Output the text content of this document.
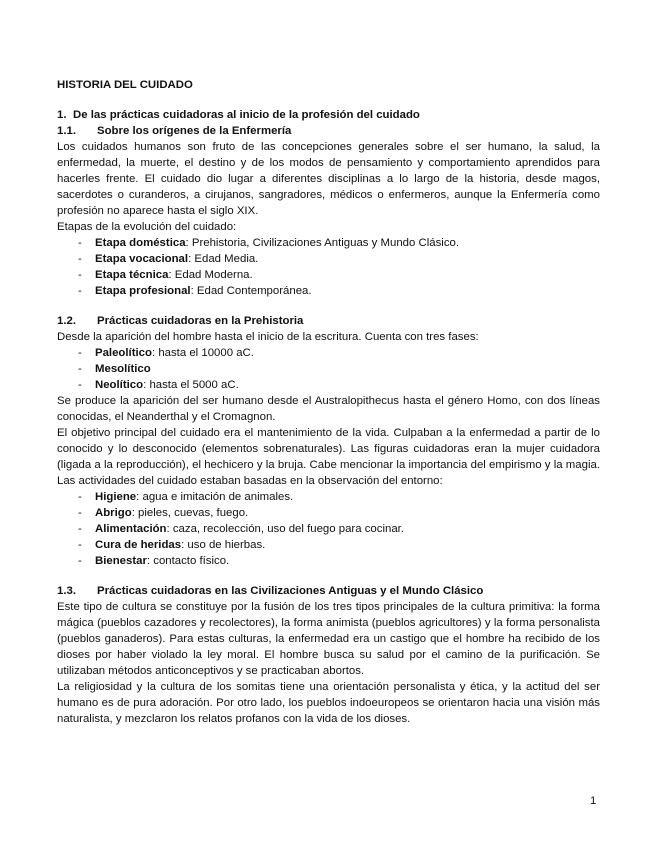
HISTORIA DEL CUIDADO
1. De las prácticas cuidadoras al inicio de la profesión del cuidado
1.1.	Sobre los orígenes de la Enfermería

Los cuidados humanos son fruto de las concepciones generales sobre el ser humano, la salud, la enfermedad, la muerte, el destino y de los modos de pensamiento y comportamiento aprendidos para hacerles frente. El cuidado dio lugar a diferentes disciplinas a lo largo de la historia, desde magos, sacerdotes o curanderos, a cirujanos, sangradores, médicos o enfermeros, aunque la Enfermería como profesión no aparece hasta el siglo XIX.

Etapas de la evolución del cuidado:

- Etapa doméstica: Prehistoria, Civilizaciones Antiguas y Mundo Clásico.
- Etapa vocacional: Edad Media.
- Etapa técnica: Edad Moderna.
- Etapa profesional: Edad Contemporánea.
1.2.	Prácticas cuidadoras en la Prehistoria

Desde la aparición del hombre hasta el inicio de la escritura. Cuenta con tres fases:

- Paleolítico: hasta el 10000 aC.
- Mesolítico
- Neolítico: hasta el 5000 aC.

Se produce la aparición del ser humano desde el Australopithecus hasta el género Homo, con dos líneas conocidas, el Neanderthal y el Cromagnon.

El objetivo principal del cuidado era el mantenimiento de la vida. Culpaban a la enfermedad a partir de lo conocido y lo desconocido (elementos sobrenaturales). Las figuras cuidadoras eran la mujer cuidadora (ligada a la reproducción), el hechicero y la bruja. Cabe mencionar la importancia del empirismo y la magia. Las actividades del cuidado estaban basadas en la observación del entorno:

- Higiene: agua e imitación de animales.
- Abrigo: pieles, cuevas, fuego.
- Alimentación: caza, recolección, uso del fuego para cocinar.
- Cura de heridas: uso de hierbas.
- Bienestar: contacto físico.
1.3.	Prácticas cuidadoras en las Civilizaciones Antiguas y el Mundo Clásico

Este tipo de cultura se constituye por la fusión de los tres tipos principales de la cultura primitiva: la forma mágica (pueblos cazadores y recolectores), la forma animista (pueblos agricultores) y la forma personalista (pueblos ganaderos). Para estas culturas, la enfermedad era un castigo que el hombre ha recibido de los dioses por haber violado la ley moral. El hombre busca su salud por el camino de la purificación. Se utilizaban métodos anticonceptivos y se practicaban abortos.

La religiosidad y la cultura de los somitas tiene una orientación personalista y ética, y la actitud del ser humano es de pura adoración. Por otro lado, los pueblos indoeuropeos se orientaron hacia una visión más naturalista, y mezclaron los relatos profanos con la vida de los dioses.

1
